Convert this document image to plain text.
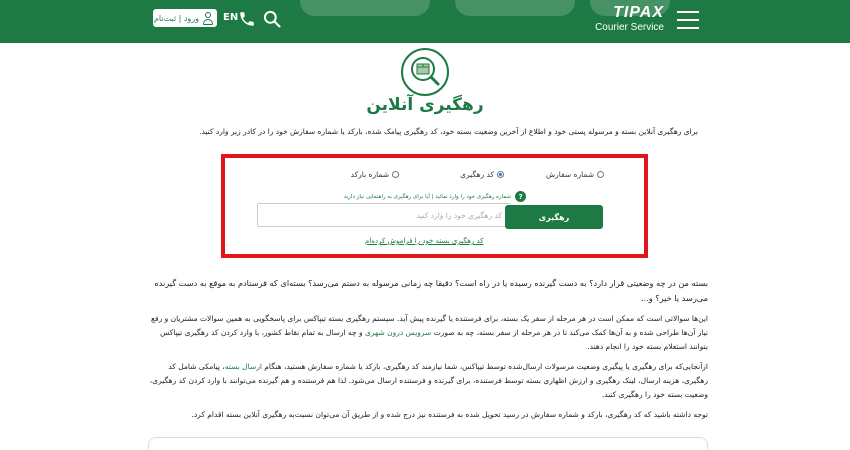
TIPAX
Courier Service
ورود | ثبت‌نام EN
رهگیری آنلاین
برای رهگیری آنلاین بسته و مرسوله پستی خود و اطلاع از آخرین وضعیت بسته خود، کد رهگیری پیامک شده، بارکد یا شماره سفارش خود را در کادر زیر وارد کنید.
شماره سفارش
کد رهگیری
شماره بارکد
?
شماره رهگیری خود را وارد نمائید | آیا برای رهگیری به راهنمایی نیاز دارید
کد رهگیری خود را وارد کنید
رهگیری
کد رهگیری بسته خود را فراموش کرده‌ام

بسته من در چه وضعیتی قرار دارد؟ به دست گیرنده رسیده یا در راه است؟ دقیقا چه زمانی مرسوله به دستم می‌رسد؟ بسته‌ای که فرستادم به موقع به دست گیرنده می‌رسد یا خیر؟ و...

این‌ها سوالاتی است که ممکن است در هر مرحله از سفر یک بسته، برای فرستنده یا گیرنده پیش آید. سیستم رهگیری بسته تیپاکس برای پاسخگویی به همین سوالات مشتریان و رفع نیاز آن‌ها طراحی شده و به آن‌ها کمک می‌کند تا در هر مرحله از سفر بسته، چه به صورت سرویس درون شهری و چه ارسال به تمام نقاط کشور، با وارد کردن کد رهگیری تیپاکس بتوانند استعلام بسته خود را انجام دهند.

ازآنجایی‌که برای رهگیری یا پیگیری وضعیت مرسولات ارسال‌شده توسط تیپاکس، شما نیازمند کد رهگیری، بارکد یا شماره سفارش هستید، هنگام ارسال بسته، پیامکی شامل کد رهگیری، هزینه ارسال، لینک رهگیری و ارزش اظهاری بسته توسط فرستنده، برای گیرنده و فرستنده ارسال می‌شود. لذا هم فرستنده و هم گیرنده می‌توانند با وارد کردن کد رهگیری، وضعیت بسته خود را رهگیری کنند.

توجه داشته باشید که کد رهگیری، بارکد و شماره سفارش در رسید تحویل شده به فرستنده نیز درج شده و از طریق آن می‌توان نسبت‌به رهگیری آنلاین بسته اقدام کرد.
